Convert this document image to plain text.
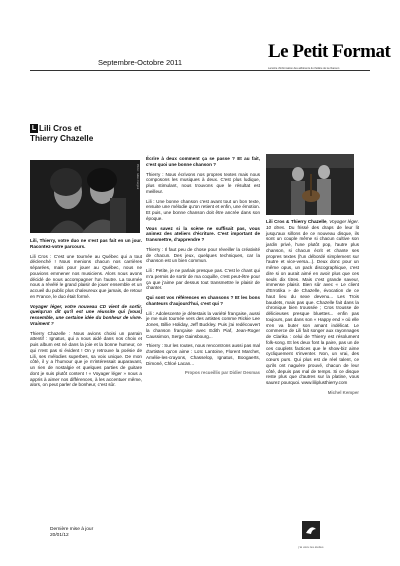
Septembre-Octobre 2011
Le Petit Format
La lettre d'information des adhérents du théâtre de la chanson
L Lili Cros et
Thierry Chazelle
Photo : Gilles Cergnal

Lili, Thierry, votre duo ne s'est pas fait en un jour. Racontez-votre parcours.

Lili Cros : C'est une tournée au Québec qui a tout déclenché ! Nous menions chacun nos carrières séparées, mais pour jouer au Québec, nous ne pouvions emmener nos musiciens. Alors nous avons décidé de nous accompagner l'un l'autre. La tournée nous a révélé le grand plaisir de jouer ensemble et un accueil du public plus chaleureux que jamais, de retour en France, le duo était formé.

Voyager léger, votre nouveau CD vient de sortir, quelqu'un dit qu'il est une réussite qui [vous] ressemble, une certaine idée du bonheur de vivre. Vraiment ?

Thierry Chazelle : Nous avions choisi un parrain attentif : Ignatus, qui a nous aidé dans nos choix et puis album est né dans la joie et la bonne humeur, ce qui n'est pas si évident ! On y retrouve la poésie de Lili, ses mélodies superbes, sa voix unique. De mon côté, il y a l'humour que je m'intéressait auparavant, un rien de nostalgie et quelques parties de guitare dont je suis plutôt content ! « Voyager léger » nous a appris à aimer nos différences, à les accentuer même, alors, on peut parler de bonheur, c'est sûr.

Écrire à deux comment ça se passe ? Et au fait, c'est quoi une bonne chanson ?

Thierry : Nous écrivons nos propres textes mais nous composons les musiques à deux. C'est plus ludique, plus stimulant, nous trouvons que le résultat est meilleur.

Lili : Une bonne chanson c'est avant tout un bon texte, ensuite une mélodie qu'on retient et enfin, une émotion. Et puis, une bonne chanson doit être ancrée dans son époque.

Vous savez si la scène ne suffisait pas, vous animez des ateliers d'écriture. C'est important de transmettre, d'apprendre ?

Thierry : Il faut peu de chose pour réveiller la créativité de chacun. Des jeux, quelques techniques, car la chanson est un bien commun.

Lili : Petite, je ne parlais presque pas. C'est le chant qui m'a permis de sortir de ma coquille, c'est peut-être pour ça que j'aime par dessus tout transmettre le plaisir de chanter.

Qui sont vos références en chansons ? Et les bons chanteurs d'aujourd'hui, c'est qui ?

Lili : Adolescente je détestais la variété française, aussi je me suis tournée vers des artistes comme Rickie Lee Jones, Billie Holiday, Jeff Buckley. Puis j'ai redécouvert la chanson française avec Edith Piaf, Jean-Roger Caussimon, Serge Gainsbourg...

Thierry : Sur les routes, nous rencontrons aussi pas mal d'artistes qu'on aime : Loïc Lantoine, Florent Marchet, Amélie-les-crayons, Chasselop, Ignatus, Boogaerts, Dimoné, Chloé Lacan...

Propos recueillis par Didier Desmas

Lili Cros & Thierry Chazelle, Voyager léger. 10 titres. Du frissé des draps de leur lit jusqu'aux sillons de ce nouveau disque, ils sont un couple même si chacun cultive son jardin privé, l'une plutôt pop, l'autre plus chanson, si chacun écrit et chante ses propres textes (l'un débordé simplement sur l'autre et vice-versa...). Deux donc pour un même opus, un pack discographique, c'est dire si on aurait aimé en avoir plus que ces seuls dix titres. Mais c'est grande saveur, immense plaisir. Bien sûr avec « Le client d'Errotika » de Chazelle, évocation de ce haut lieu du sexe devenu... Les Trois baudets, mais pas que. Chazelle fait dans la chronique bien troussée ; Cros trousse de délicieuses presque bluettes... enfin pas toujours, pas dans son « Happy end » où elle s'en va buter son amant indélicat. Le commerce de Lili fait songer aux rayonnages de Clarika : celui de Thierry est résolument folk-song. Et les deux font la paire, pas un de ces couplets factices que le show-biz aime cycliquement s'inventer. Non, un vrai, des cœurs purs. Qui plus est de réel talent, ce qu'ils ont naguère prouvé, chacun de leur côté, depuis pas mal de temps. Si ce disque reste plus que d'autres sur la platine, vous saurez pourquoi. www.liliplusthierry.com

Michel Kemper
Dernière mise à jour
20/01/12
j'ai vécu les étoiles
